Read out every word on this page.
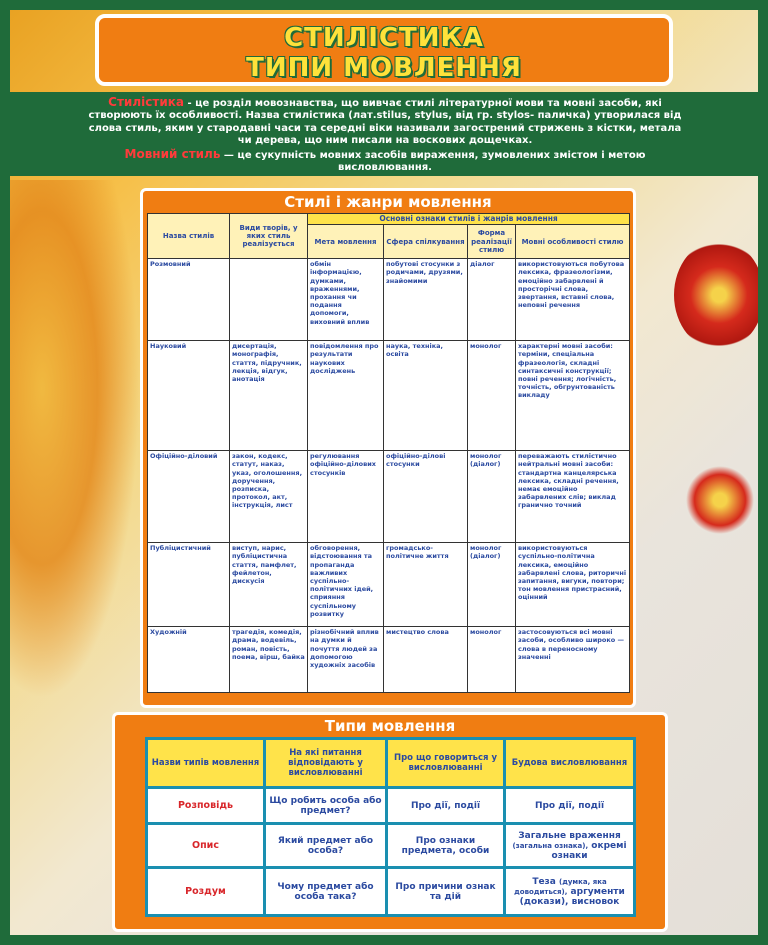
СТИЛІСТИКА
ТИПИ МОВЛЕННЯ
Стилістика - це розділ мовознавства, що вивчає стилі літературної мови та мовні засоби, які створюють їх особливості. Назва стилістика (лат.stilus, stylus, від гр. stylos- паличка) утворилася від слова стиль, яким у стародавні часи та середні віки називали загострений стрижень з кістки, метала чи дерева, що ним писали на воскових дощечках.
Мовний стиль — це сукупність мовних засобів вираження, зумовлених змістом і метою висловлювання.
Стилі і жанри мовлення
Назва стилів	Види творів, у яких стиль реалізується	Основні ознаки стилів і жанрів мовлення			
		Мета мовлення	Сфера спілкування	Форма реалізації стилю	Мовні особливості стилю
Розмовний		обмін інформацією, думками, враженнями, прохання чи подання допомоги, виховний вплив	побутові стосунки з родичами, друзями, знайомими	діалог	використовуються побутова лексика, фразеологізми, емоційно забарвлені й просторічні слова, звертання, вставні слова, неповні речення
Науковий	дисертація, монографія, стаття, підручник, лекція, відгук, анотація	повідомлення про результати наукових досліджень	наука, техніка, освіта	монолог	характерні мовні засоби: терміни, спеціальна фразеологія, складні синтаксичні конструкції; повні речення; логічність, точність, обгрунтованість викладу
Офіційно-діловий	закон, кодекс, статут, наказ, указ, оголошення, доручення, розписка, протокол, акт, інструкція, лист	регулювання офіційно-ділових стосунків	офіційно-ділові стосунки	монолог (діалог)	переважають стилістично нейтральні мовні засоби: стандартна канцелярська лексика, складні речення, немає емоційно забарвлених слів; виклад гранично точний
Публіцистичний	виступ, нарис, публіцистична стаття, памфлет, фейлетон, дискусія	обговорення, відстоювання та пропаганда важливих суспільно-політичних ідей, сприяння суспільному розвитку	громадсько-політичне життя	монолог (діалог)	використовуються суспільно-політична лексика, емоційно забарвлені слова, риторичні запитання, вигуки, повтори; тон мовлення пристрасний, оцінний
Художній	трагедія, комедія, драма, водевіль, роман, повість, поема, вірш, байка	різнобічний вплив на думки й почуття людей за допомогою художніх засобів	мистецтво слова	монолог	застосовуються всі мовні засоби, особливо широко — слова в переносному значенні
Типи мовлення
Назви типів мовлення	На які питання відповідають у висловлюванні	Про що говориться у висловлюванні	Будова висловлювання
Розповідь	Що робить особа або предмет?	Про дії, події	Про дії, події
Опис	Який предмет або особа?	Про ознаки предмета, особи	Загальне враження (загальна ознака), окремі ознаки
Роздум	Чому предмет або особа така?	Про причини ознак та дій	Теза (думка, яка доводиться), аргументи (докази), висновок
